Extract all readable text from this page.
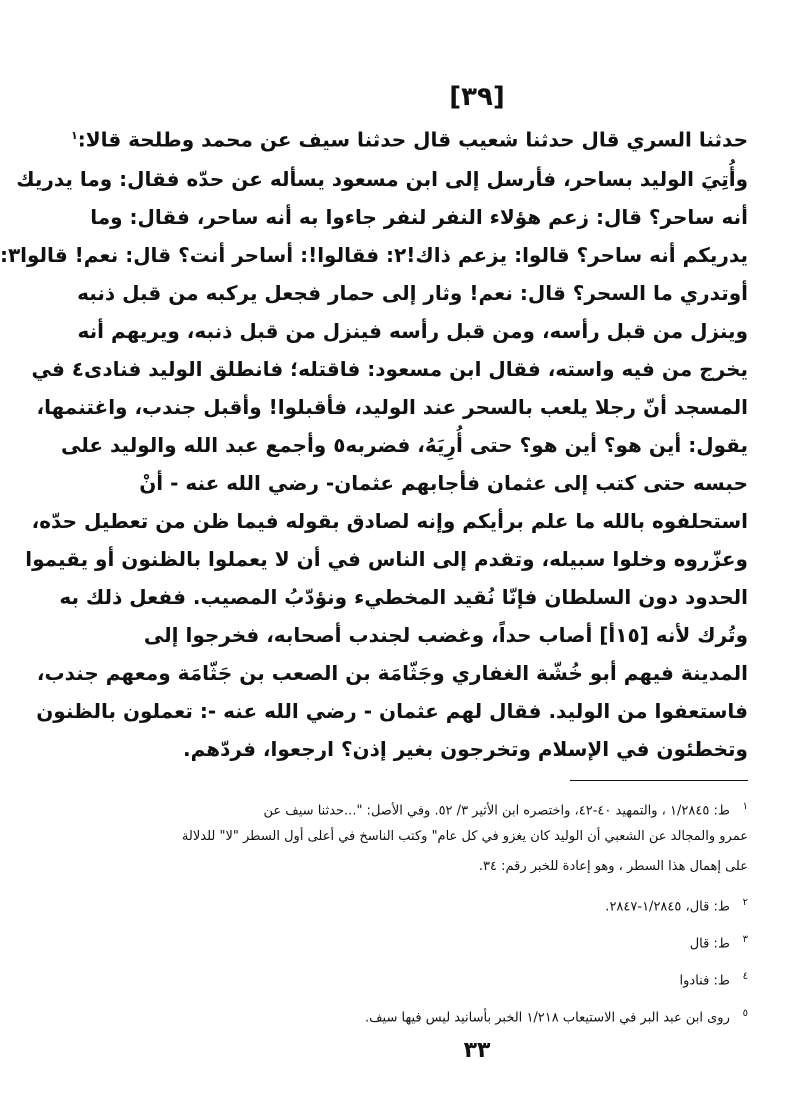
[٣٩]
حدثنا السري قال حدثنا شعيب قال حدثنا سيف عن محمد وطلحة قالا:$^١$
وأُتِيَ الوليد بساحر، فأرسل إلى ابن مسعود يسأله عن حدّه فقال: وما يدريك
أنه ساحر؟ قال: زعم هؤلاء النفر لنفر جاءوا به أنه ساحر، فقال: وما
يدريكم أنه ساحر؟ قالوا: يزعم ذاك!٢: فقالوا!: أساحر أنت؟ قال: نعم! قالوا٣:
أوتدري ما السحر؟ قال: نعم! وثار إلى حمار فجعل يركبه من قبل ذنبه
وينزل من قبل رأسه، ومن قبل رأسه فينزل من قبل ذنبه، ويريهم أنه
يخرج من فيه واسته، فقال ابن مسعود: فاقتله؛ فانطلق الوليد فنادى٤ في
المسجد أنّ رجلا يلعب بالسحر عند الوليد، فأقبلوا! وأقبل جندب، واغتنمها،
يقول: أين هو؟ أين هو؟ حتى أُرِيَهُ، فضربه٥ وأجمع عبد الله والوليد على
حبسه حتى كتب إلى عثمان فأجابهم عثمان- رضي الله عنه - أنْ
استحلفوه بالله ما علم برأيكم وإنه لصادق بقوله فيما ظن من تعطيل حدّه،
وعزّروه وخلوا سبيله، وتقدم إلى الناس في أن لا يعملوا بالظنون أو يقيموا
الحدود دون السلطان فإنّا نُقيد المخطيء ونؤدّبُ المصيب. ففعل ذلك به
وتُرك لأنه [١٥أ] أصاب حداً، وغضب لجندب أصحابه، فخرجوا إلى
المدينة فيهم أبو خُشّة الغفاري وجَثّامَة بن الصعب بن جَثّامَة ومعهم جندب،
فاستعفوا من الوليد. فقال لهم عثمان - رضي الله عنه -: تعملون بالظنون
وتخطئون في الإسلام وتخرجون بغير إذن؟ ارجعوا، فردّهم.
١ ط: ١/٢٨٤٥ ، والتمهيد ٤٠-٤٢، واختصره ابن الأثير ٣/ ٥٢. وفي الأصل: "...حدثنا سيف عن
عمرو والمجالد عن الشعبي أن الوليد كان يغزو في كل عام" وكتب الناسخ في أعلى أول السطر "لا" للدلالة
على إهمال هذا السطر ، وهو إعادة للخبر رقم: ٣٤.
٢ ط: قال، ١/٢٨٤٥-٢٨٤٧.
٣ ط: قال
٤ ط: فنادوا
٥ روى ابن عبد البر في الاستيعاب ١/٢١٨ الخبر بأسانيد ليس فيها سيف.
٣٣
